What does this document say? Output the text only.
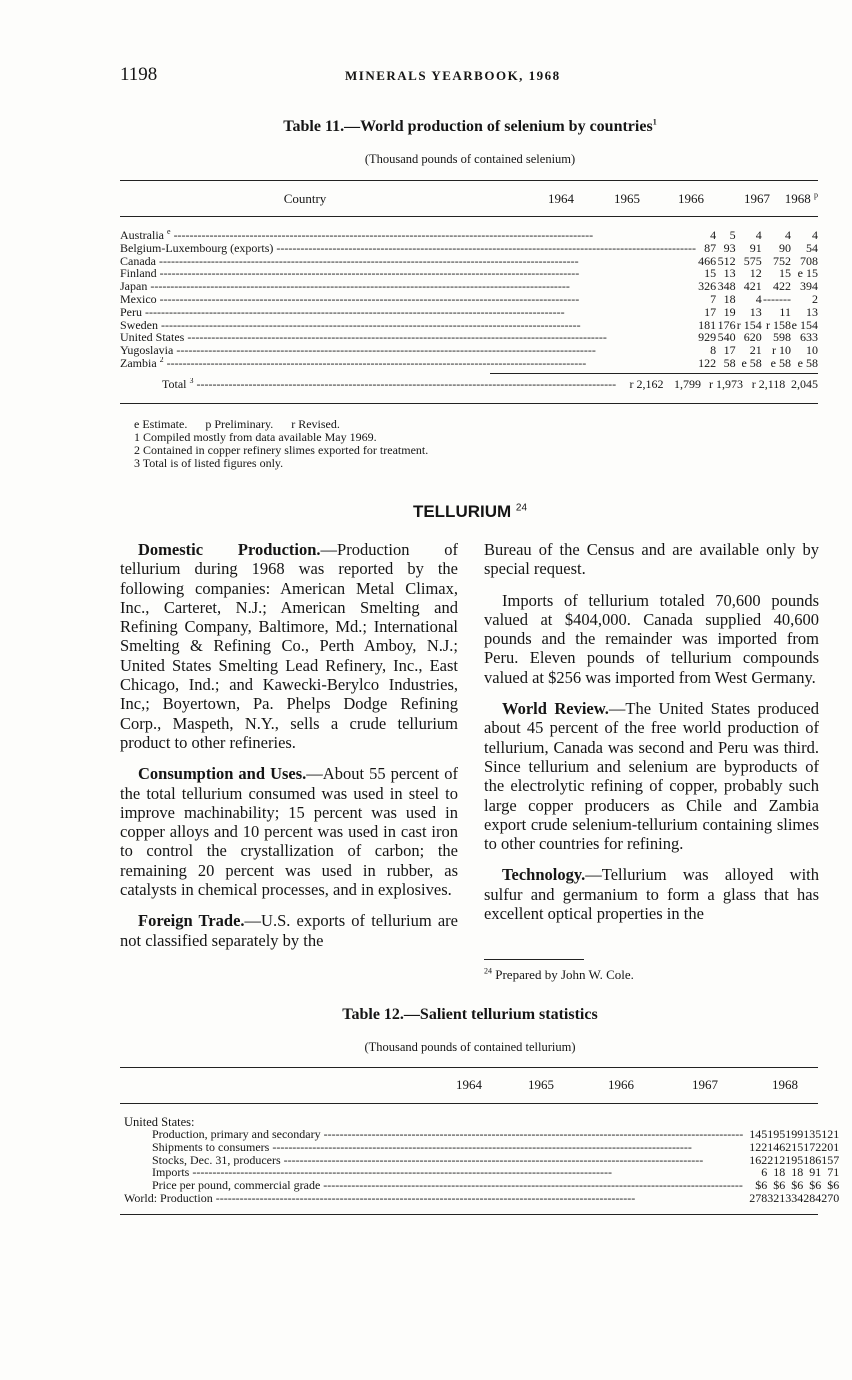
1198	MINERALS YEARBOOK, 1968
Table 11.—World production of selenium by countries$^1$
(Thousand pounds of contained selenium)
Country		1964	1965	1966	1967	1968 $^p$
Australia $^e$ -----		4	5	4	4	4
Belgium-Luxembourg (exports) -----		87	93	91	90	54
Canada -----		466	512	575	752	708
Finland -----		15	13	12	15	e 15
Japan -----		326	348	421	422	394
Mexico -----		7	18	4	-------	2
Peru -----		17	19	13	11	13
Sweden -----		181	176	r 154	r 158	e 154
United States -----		929	540	620	598	633
Yugoslavia -----		8	17	21	r 10	10
Zambia $^2$ -----		122	58	e 58	e 58	e 58
Total $^3$ -----		r 2,162	1,799	r 1,973	r 2,118	2,045
e Estimate. p Preliminary. r Revised.
1 Compiled mostly from data available May 1969.
2 Contained in copper refinery slimes exported for treatment.
3 Total is of listed figures only.
TELLURIUM $^{24}$

Domestic Production.—Production of tellurium during 1968 was reported by the following companies: American Metal Climax, Inc., Carteret, N.J.; American Smelting and Refining Company, Baltimore, Md.; International Smelting & Refining Co., Perth Amboy, N.J.; United States Smelting Lead Refinery, Inc., East Chicago, Ind.; and Kawecki-Berylco Industries, Inc,; Boyertown, Pa. Phelps Dodge Refining Corp., Maspeth, N.Y., sells a crude tellurium product to other refineries.

Consumption and Uses.—About 55 percent of the total tellurium consumed was used in steel to improve machinability; 15 percent was used in copper alloys and 10 percent was used in cast iron to control the crystallization of carbon; the remaining 20 percent was used in rubber, as catalysts in chemical processes, and in explosives.

Foreign Trade.—U.S. exports of tellurium are not classified separately by the

Bureau of the Census and are available only by special request.

Imports of tellurium totaled 70,600 pounds valued at $404,000. Canada supplied 40,600 pounds and the remainder was imported from Peru. Eleven pounds of tellurium compounds valued at $256 was imported from West Germany.

World Review.—The United States produced about 45 percent of the free world production of tellurium, Canada was second and Peru was third. Since tellurium and selenium are byproducts of the electrolytic refining of copper, probably such large copper producers as Chile and Zambia export crude selenium-tellurium containing slimes to other countries for refining.

Technology.—Tellurium was alloyed with sulfur and germanium to form a glass that has excellent optical properties in the

$^{24}$ Prepared by John W. Cole.
Table 12.—Salient tellurium statistics
(Thousand pounds of contained tellurium)
	1964	1965	1966	1967	1968	
United States:
Production, primary and secondary -----	145	195	199	135	121	
Shipments to consumers -----	122	146	215	172	201	
Stocks, Dec. 31, producers -----	162	212	195	186	157	
Imports -----	6	18	18	91	71	
Price per pound, commercial grade -----	$6	$6	$6	$6	$6	
World: Production -----	278	321	334	284	270	
